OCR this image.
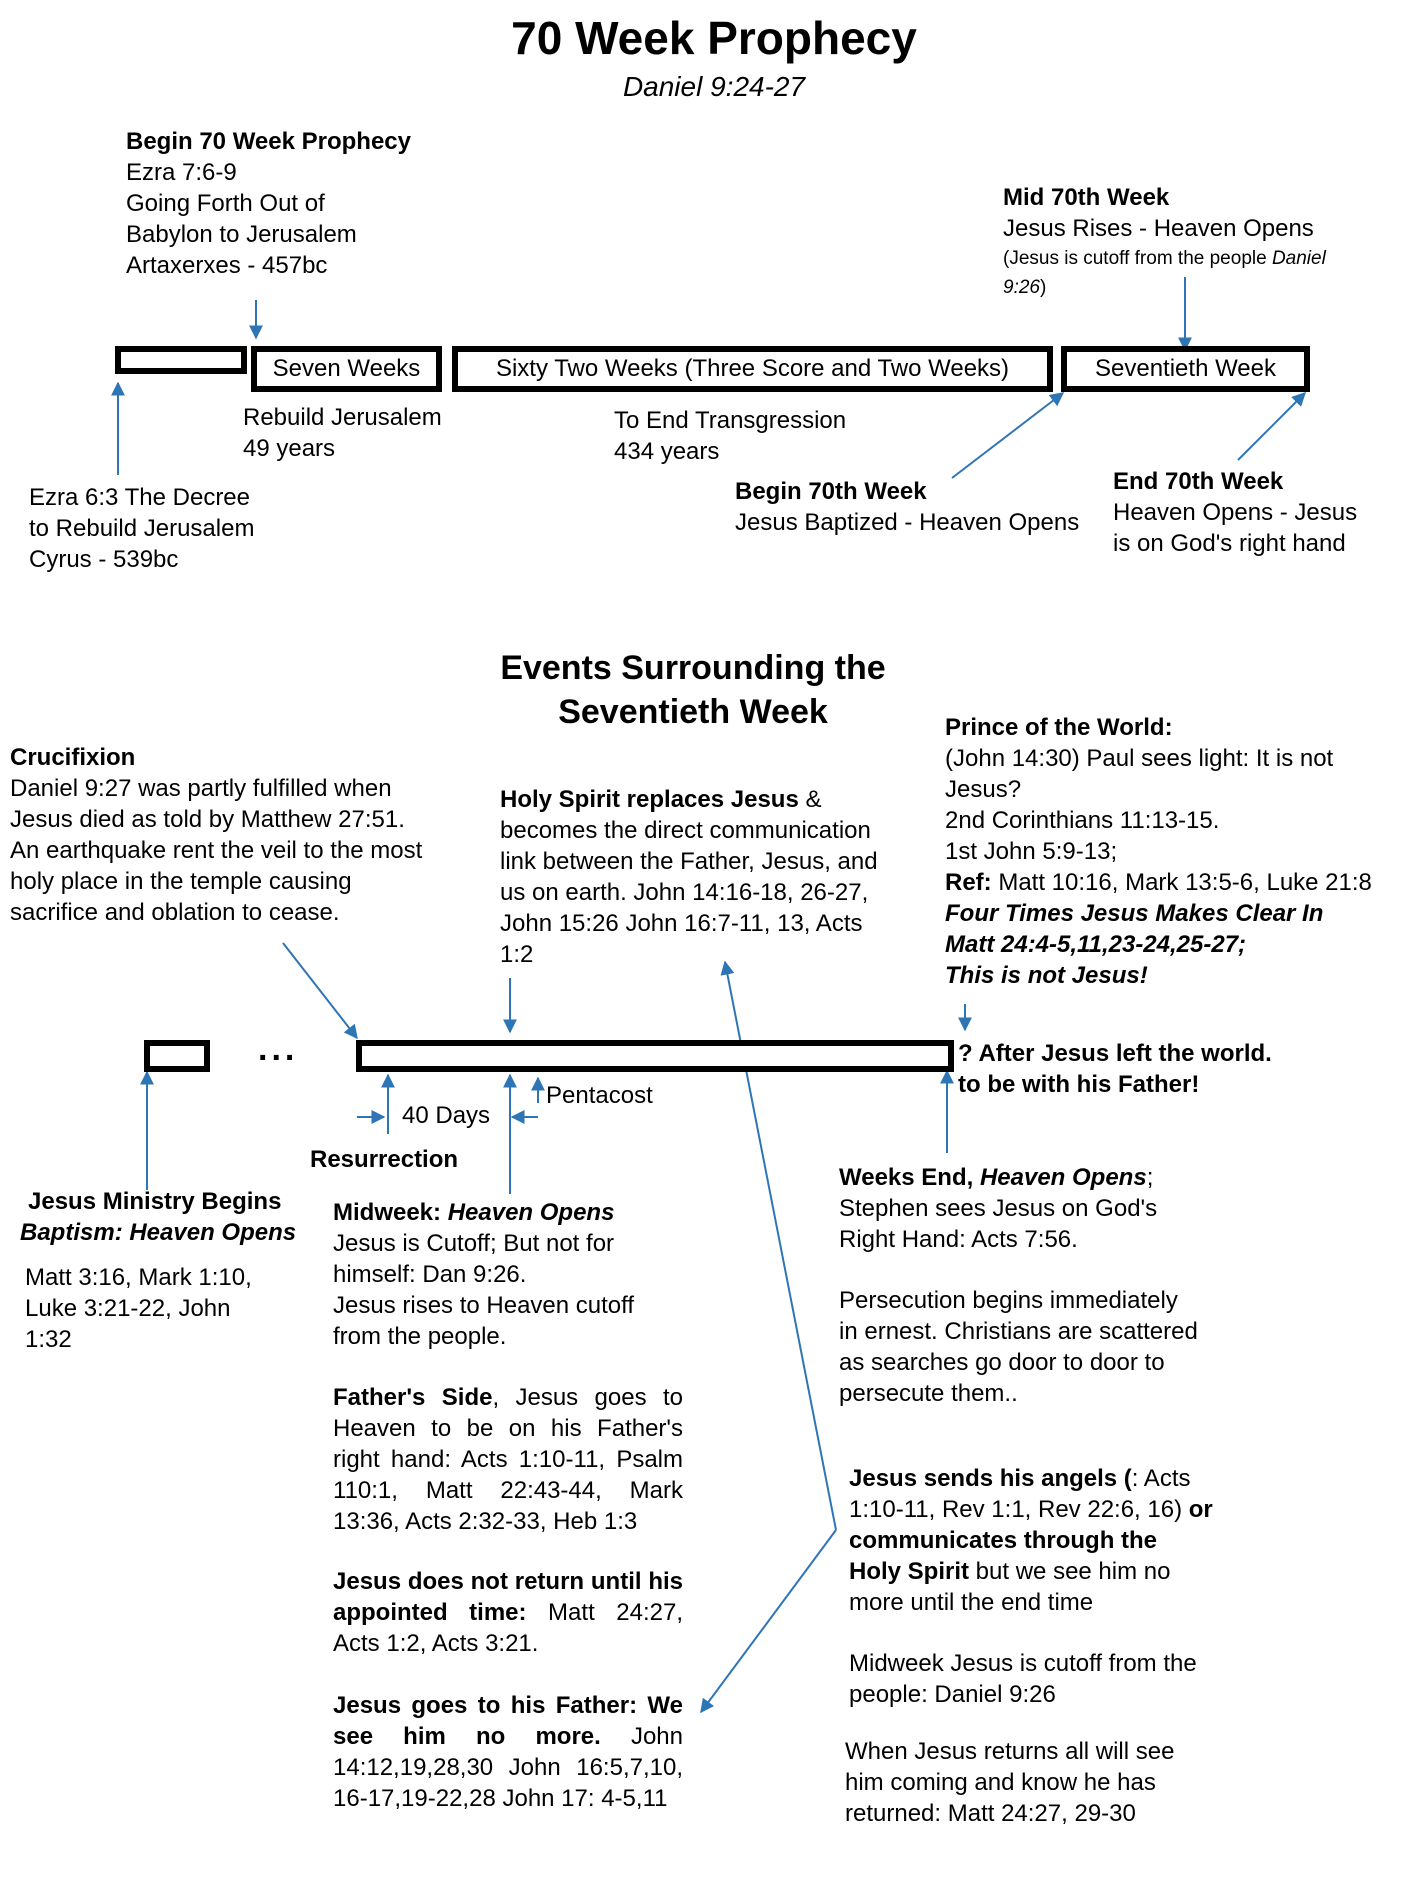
70 Week Prophecy
Daniel 9:24-27
Begin 70 Week Prophecy
Ezra 7:6-9
Going Forth Out of
Babylon to Jerusalem
Artaxerxes - 457bc
Mid 70th Week
Jesus Rises - Heaven Opens
(Jesus is cutoff from the people Daniel
9:26)
Seven Weeks	Sixty Two Weeks (Three Score and Two Weeks)	Seventieth Week
Rebuild Jerusalem
49 years
To End Transgression
434 years
Ezra 6:3 The Decree
to Rebuild Jerusalem
Cyrus - 539bc
Begin 70th Week
Jesus Baptized - Heaven Opens
End 70th Week
Heaven Opens - Jesus
is on God's right hand
Events Surrounding the
Seventieth Week
Crucifixion
Daniel 9:27 was partly fulfilled when
Jesus died as told by Matthew 27:51.
An earthquake rent the veil to the most
holy place in the temple causing
sacrifice and oblation to cease.
Holy Spirit replaces Jesus &
becomes the direct communication
link between the Father, Jesus, and
us on earth. John 14:16-18, 26-27,
John 15:26 John 16:7-11, 13, Acts
1:2
Prince of the World:
(John 14:30) Paul sees light: It is not
Jesus?
2nd Corinthians 11:13-15.
1st John 5:9-13;
Ref: Matt 10:16, Mark 13:5-6, Luke 21:8
Four Times Jesus Makes Clear In
Matt 24:4-5,11,23-24,25-27;
This is not Jesus!
...	? After Jesus left the world.
to be with his Father!
40 Days
Pentacost
Resurrection
Jesus Ministry Begins
Baptism: Heaven Opens
Matt 3:16, Mark 1:10,
Luke 3:21-22, John
1:32
Midweek: Heaven Opens
Jesus is Cutoff; But not for
himself: Dan 9:26.
Jesus rises to Heaven cutoff
from the people.
Father's Side, Jesus goes to Heaven to be on his Father's right hand: Acts 1:10-11, Psalm 110:1, Matt 22:43-44, Mark 13:36, Acts 2:32-33, Heb 1:3
Jesus does not return until his appointed time: Matt 24:27, Acts 1:2, Acts 3:21.
Jesus goes to his Father: We see him no more. John 14:12,19,28,30 John 16:5,7,10, 16-17,19-22,28 John 17: 4-5,11
Weeks End, Heaven Opens;
Stephen sees Jesus on God's
Right Hand: Acts 7:56.
Persecution begins immediately
in ernest. Christians are scattered
as searches go door to door to
persecute them..
Jesus sends his angels (: Acts
1:10-11, Rev 1:1, Rev 22:6, 16) or
communicates through the
Holy Spirit but we see him no
more until the end time
Midweek Jesus is cutoff from the
people: Daniel 9:26
When Jesus returns all will see
him coming and know he has
returned: Matt 24:27, 29-30
